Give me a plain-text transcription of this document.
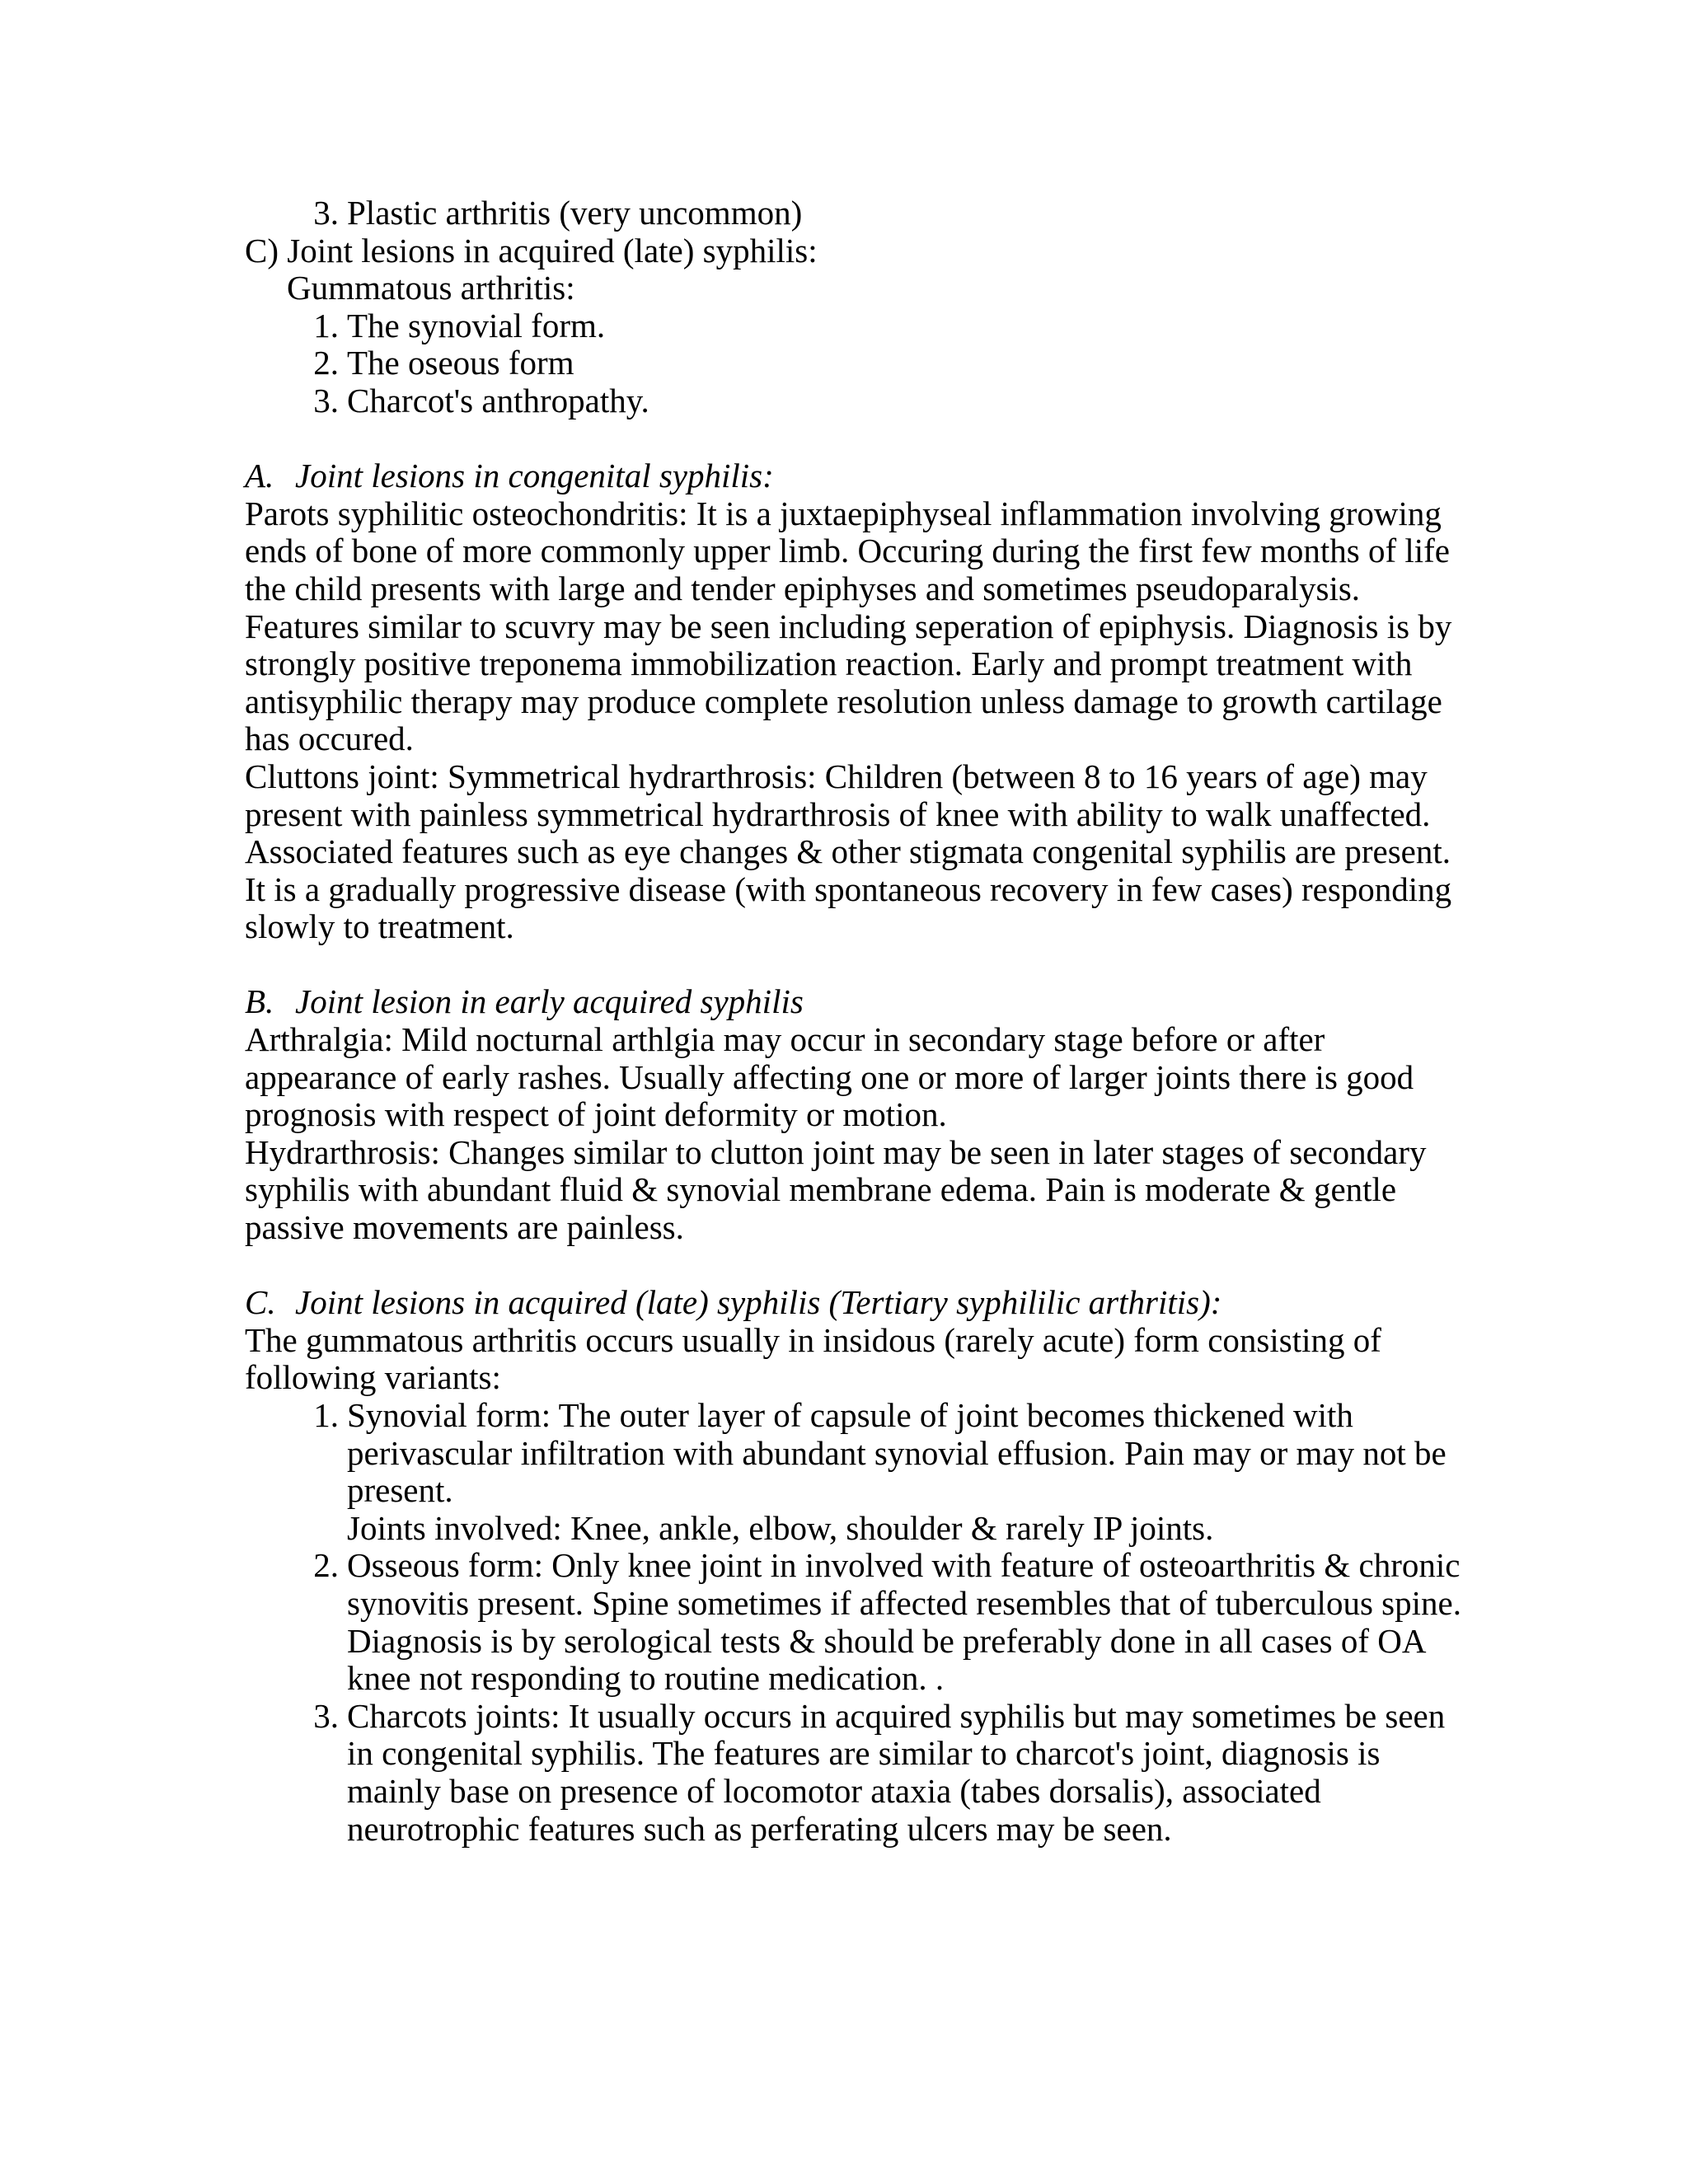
3. Plastic arthritis (very uncommon)
C) Joint lesions in acquired (late) syphilis:
Gummatous arthritis:
1. The synovial form.
2. The oseous form
3. Charcot's anthropathy.
A. Joint lesions in congenital syphilis:
Parots syphilitic osteochondritis: It is a juxtaepiphyseal inflammation involving growing
ends of bone of more commonly upper limb. Occuring during the first few months of life
the child presents with large and tender epiphyses and sometimes pseudoparalysis.
Features similar to scuvry may be seen including seperation of epiphysis. Diagnosis is by
strongly positive treponema immobilization reaction. Early and prompt treatment with
antisyphilic therapy may produce complete resolution unless damage to growth cartilage
has occured.
Cluttons joint: Symmetrical hydrarthrosis: Children (between 8 to 16 years of age) may
present with painless symmetrical hydrarthrosis of knee with ability to walk unaffected.
Associated features such as eye changes & other stigmata congenital syphilis are present.
It is a gradually progressive disease (with spontaneous recovery in few cases) responding
slowly to treatment.
B. Joint lesion in early acquired syphilis
Arthralgia: Mild nocturnal arthlgia may occur in secondary stage before or after
appearance of early rashes. Usually affecting one or more of larger joints there is good
prognosis with respect of joint deformity or motion.
Hydrarthrosis: Changes similar to clutton joint may be seen in later stages of secondary
syphilis with abundant fluid & synovial membrane edema. Pain is moderate & gentle
passive movements are painless.
C. Joint lesions in acquired (late) syphilis (Tertiary syphililic arthritis):
The gummatous arthritis occurs usually in insidous (rarely acute) form consisting of
following variants:
1. Synovial form: The outer layer of capsule of joint becomes thickened with
perivascular infiltration with abundant synovial effusion. Pain may or may not be
present.
Joints involved: Knee, ankle, elbow, shoulder & rarely IP joints.
2. Osseous form: Only knee joint in involved with feature of osteoarthritis & chronic
synovitis present. Spine sometimes if affected resembles that of tuberculous spine.
Diagnosis is by serological tests & should be preferably done in all cases of OA
knee not responding to routine medication. .
3. Charcots joints: It usually occurs in acquired syphilis but may sometimes be seen
in congenital syphilis. The features are similar to charcot's joint, diagnosis is
mainly base on presence of locomotor ataxia (tabes dorsalis), associated
neurotrophic features such as perferating ulcers may be seen.
